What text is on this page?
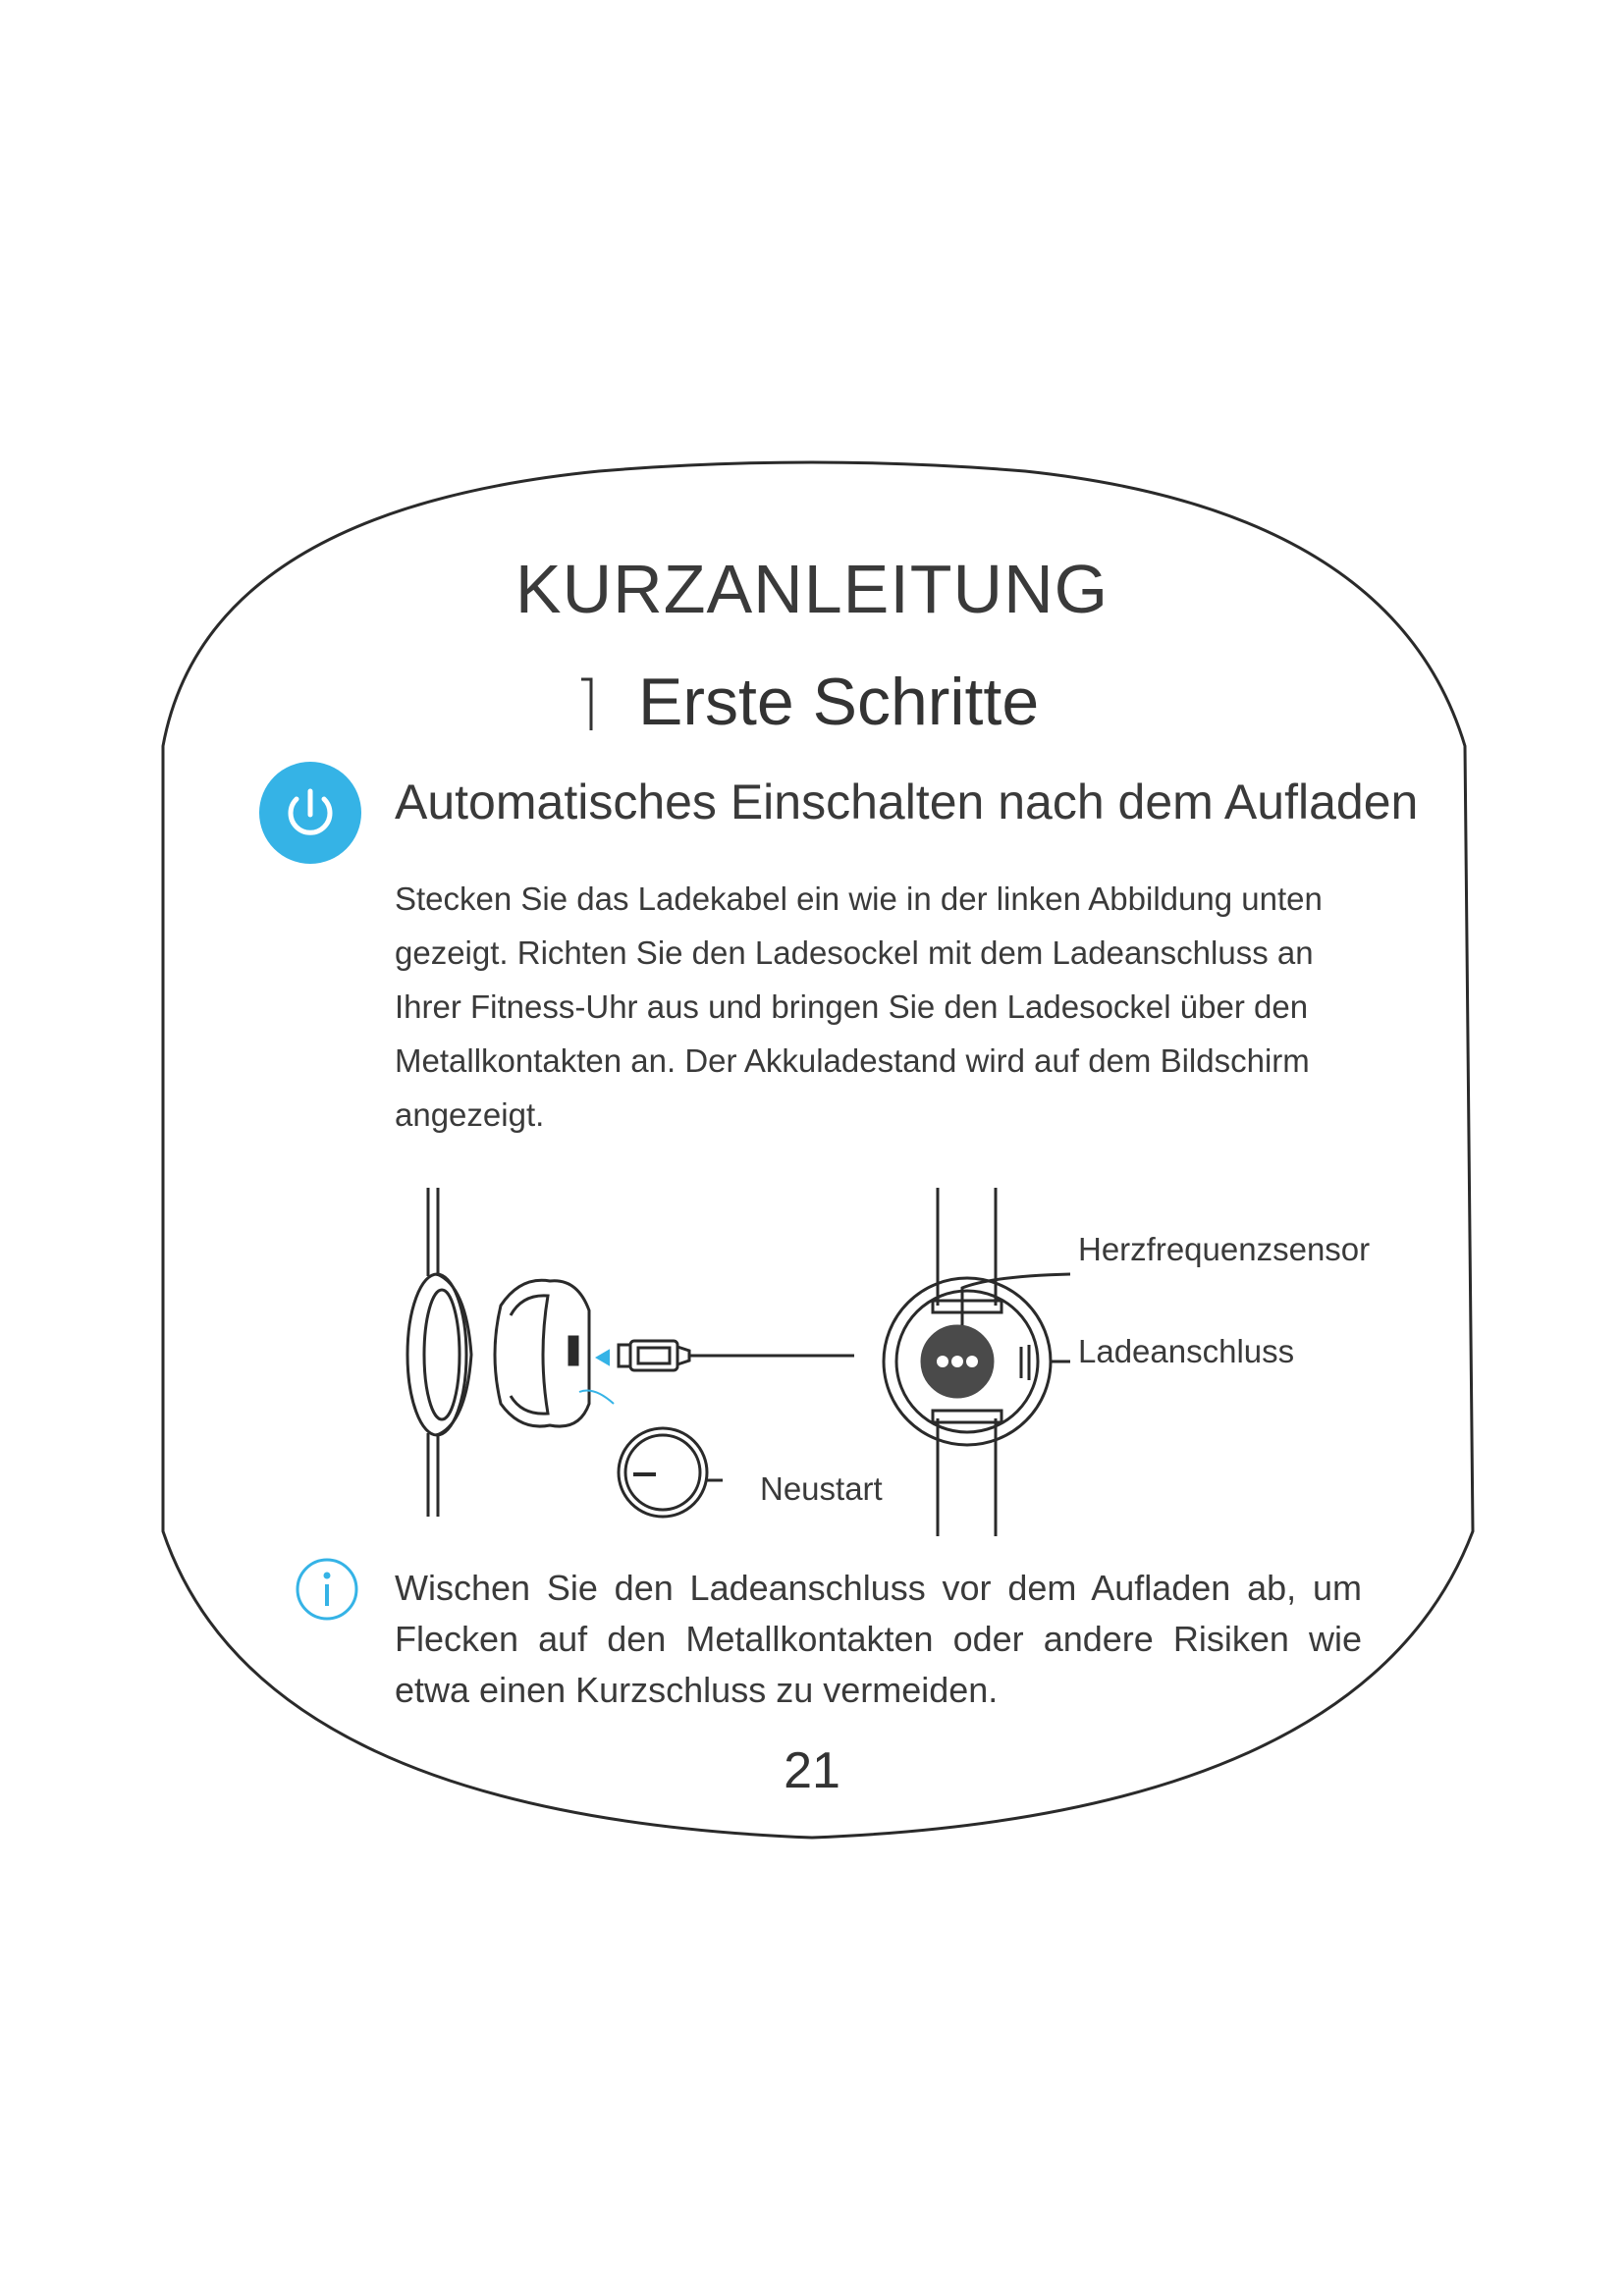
KURZANLEITUNG
Erste Schritte
Automatisches Einschalten nach dem Aufladen

Stecken Sie das Ladekabel ein wie in der linken Abbildung unten

gezeigt. Richten Sie den Ladesockel mit dem Ladeanschluss an

Ihrer Fitness-Uhr aus und bringen Sie den Ladesockel über den

Metallkontakten an. Der Akkuladestand wird auf dem Bildschirm

angezeigt.

Herzfrequenzsensor
Ladeanschluss
Neustart
Wischen Sie den Ladeanschluss vor dem Aufladen ab, um Flecken auf den Metallkontakten oder andere Risiken wie etwa einen Kurzschluss zu vermeiden.
21
